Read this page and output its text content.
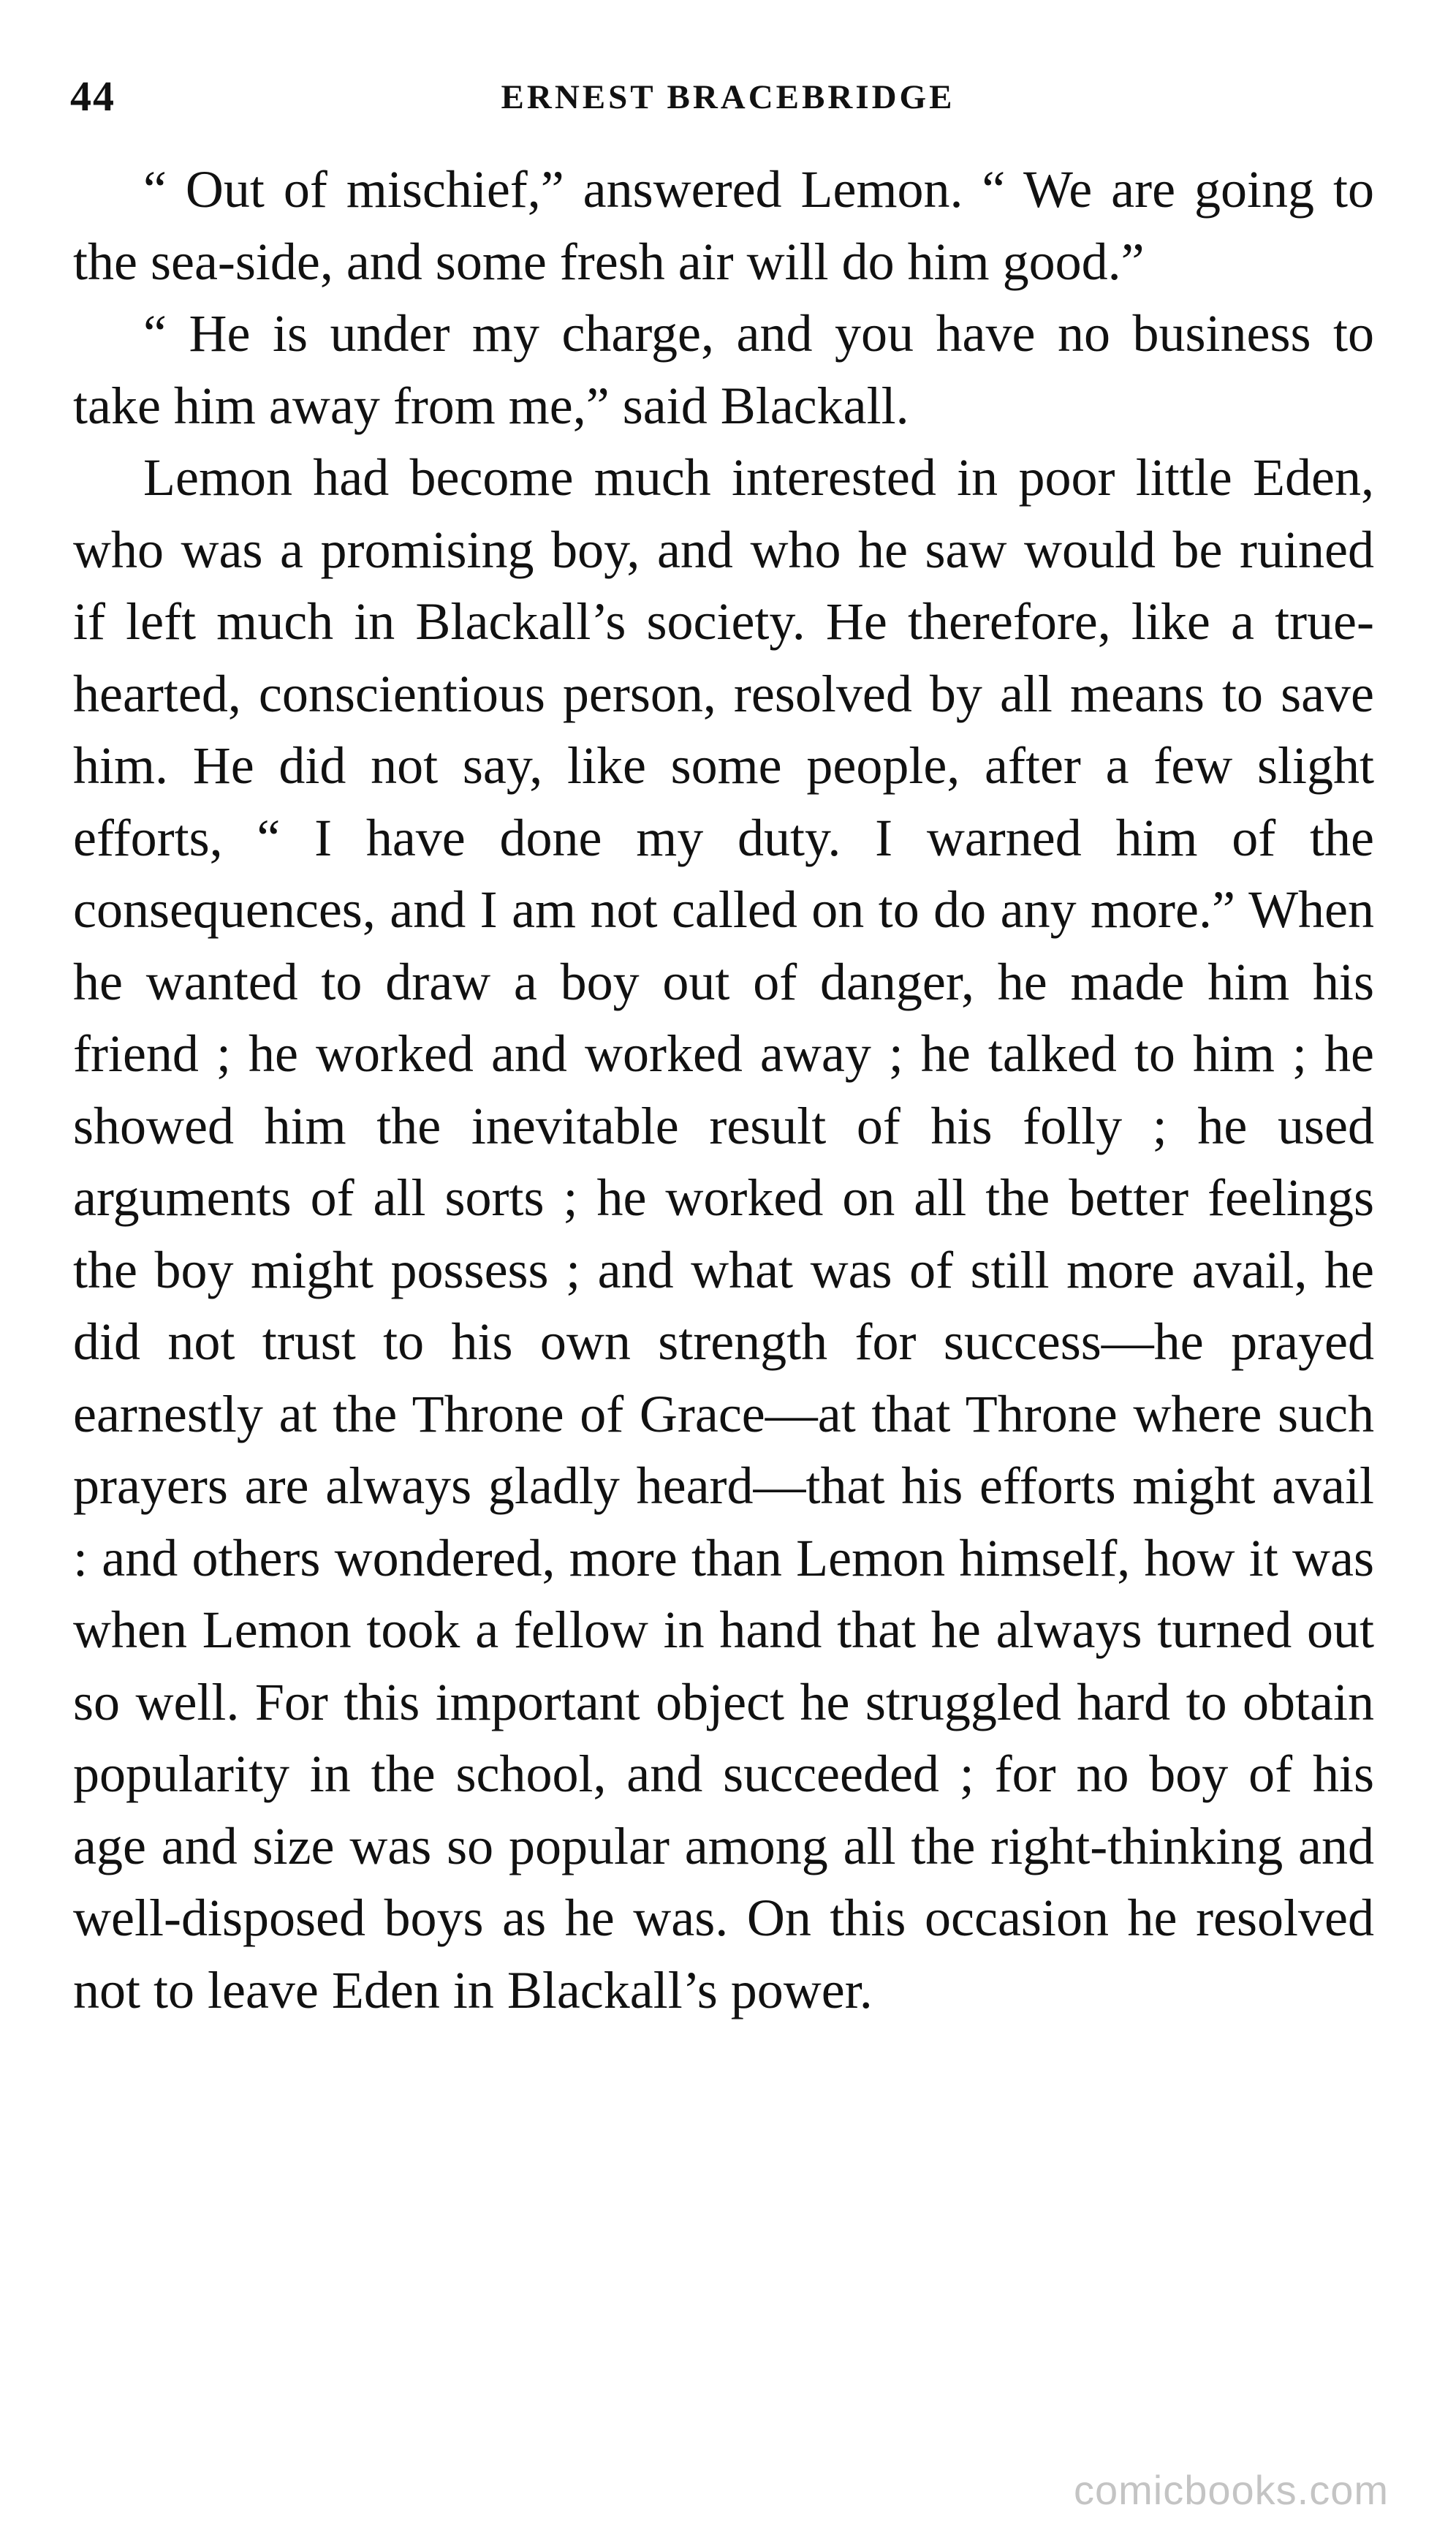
44	ERNEST BRACEBRIDGE

“ Out of mischief,” answered Lemon. “ We are going to the sea-side, and some fresh air will do him good.”

“ He is under my charge, and you have no business to take him away from me,” said Blackall.

Lemon had become much interested in poor little Eden, who was a promising boy, and who he saw would be ruined if left much in Blackall’s society. He therefore, like a true-hearted, conscientious person, resolved by all means to save him. He did not say, like some people, after a few slight efforts, “ I have done my duty. I warned him of the consequences, and I am not called on to do any more.” When he wanted to draw a boy out of danger, he made him his friend ; he worked and worked away ; he talked to him ; he showed him the inevitable result of his folly ; he used arguments of all sorts ; he worked on all the better feelings the boy might possess ; and what was of still more avail, he did not trust to his own strength for success—he prayed earnestly at the Throne of Grace—at that Throne where such prayers are always gladly heard—that his efforts might avail : and others wondered, more than Lemon himself, how it was when Lemon took a fellow in hand that he always turned out so well. For this important object he struggled hard to obtain popularity in the school, and succeeded ; for no boy of his age and size was so popular among all the right-thinking and well-disposed boys as he was. On this occasion he resolved not to leave Eden in Blackall’s power.

comicbooks.com
